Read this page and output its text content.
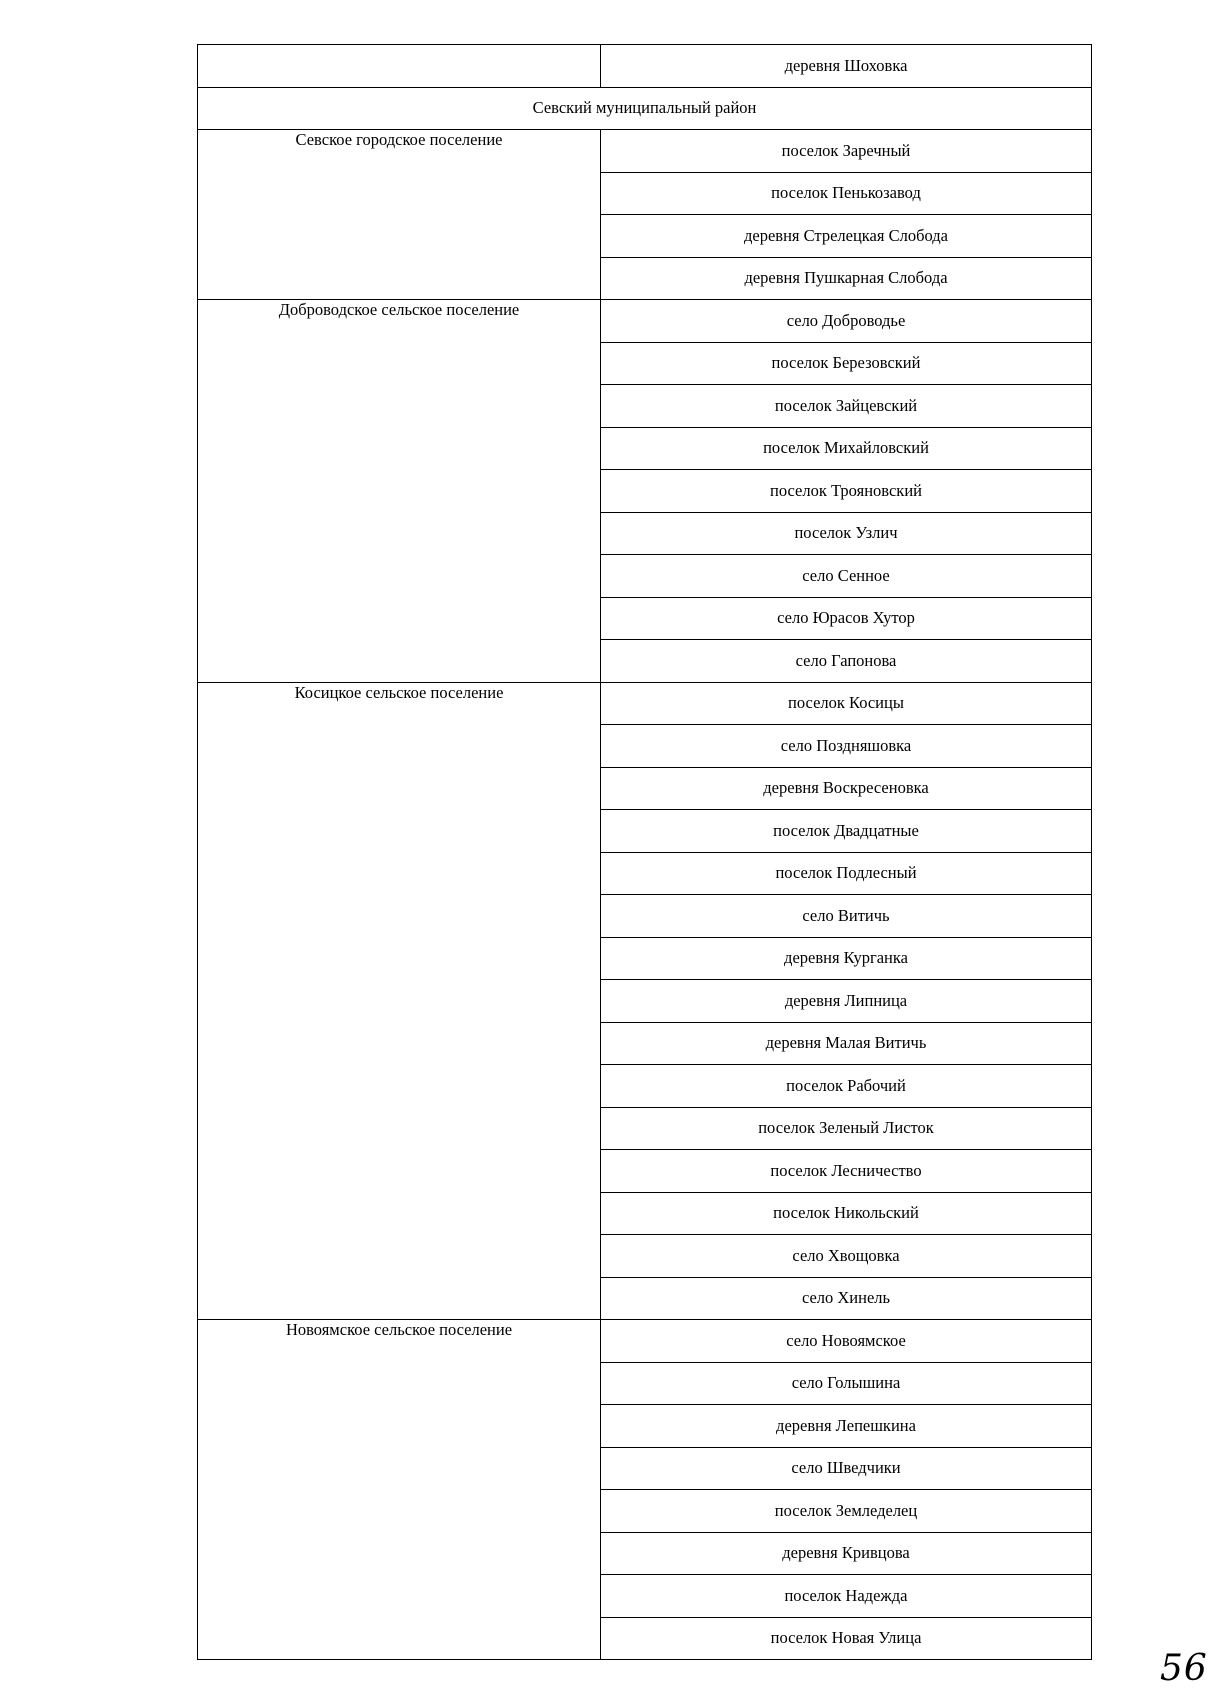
	деревня Шоховка
Севский муниципальный район	
Севское городское поселение	поселок Заречный
	поселок Пенькозавод
	деревня Стрелецкая Слобода
	деревня Пушкарная Слобода
Доброводское сельское поселение	село Доброводье
	поселок Березовский
	поселок Зайцевский
	поселок Михайловский
	поселок Трояновский
	поселок Узлич
	село Сенное
	село Юрасов Хутор
	село Гапонова
Косицкое сельское поселение	поселок Косицы
	село Поздняшовка
	деревня Воскресеновка
	поселок Двадцатные
	поселок Подлесный
	село Витичь
	деревня Курганка
	деревня Липница
	деревня Малая Витичь
	поселок Рабочий
	поселок Зеленый Листок
	поселок Лесничество
	поселок Никольский
	село Хвощовка
	село Хинель
Новоямское сельское поселение	село Новоямское
	село Голышина
	деревня Лепешкина
	село Шведчики
	поселок Земледелец
	деревня Кривцова
	поселок Надежда
	поселок Новая Улица
56
